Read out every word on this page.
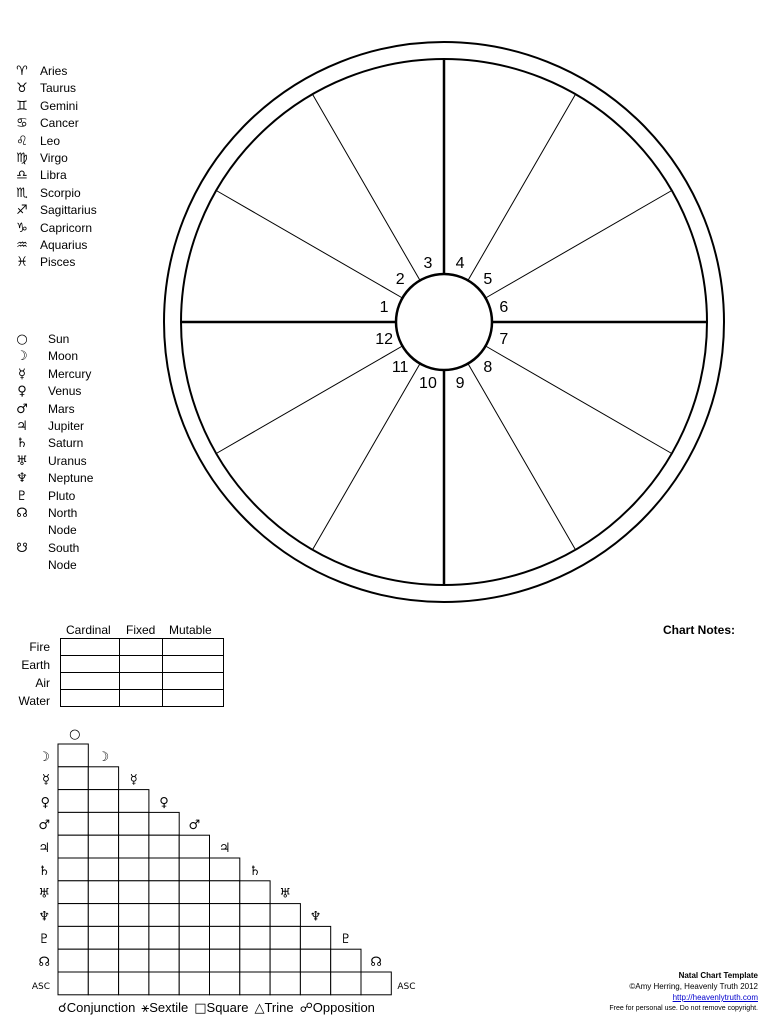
♈︎ Aries
♉︎ Taurus
♊︎ Gemini
♋︎ Cancer
♌︎ Leo
♍︎ Virgo
♎︎ Libra
♏︎ Scorpio
♐︎ Sagittarius
♑︎ Capricorn
♒︎ Aquarius
♓︎ Pisces
○︎ Sun
☽︎ Moon
☿︎	Mercury
♀︎ Venus
♂︎ Mars
♃︎ Jupiter
♄︎ Saturn
♅︎ Uranus
♆︎ Neptune
♇︎ Pluto
☊︎ North
Node
☋︎ South
Node
1
2
3 4
5
6
7
8
9
10
11
12
Cardinal Fixed Mutable
Fire
Earth
Air
Water

Chart Notes:
○
☽	☽
☿	☿
♀	♀
♂	♂
♃	♃
♄	♄
♅	♅
♆	♆
♇	♇
☊	☊
ASC	ASC
☌Conjunction ⚹Sextile □Square △Trine ☍Opposition
Natal Chart Template
©Amy Herring, Heavenly Truth 2012
http://heavenlytruth.com
Free for personal use. Do not remove copyright.
